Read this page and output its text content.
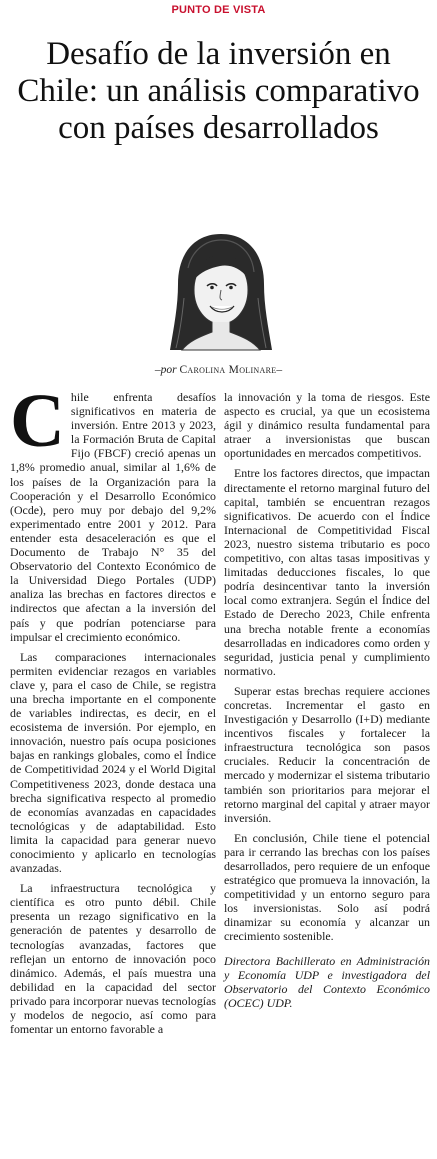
PUNTO DE VISTA
Desafío de la inversión en Chile: un análisis comparativo con países desarrollados
–por Carolina Molinare–

Chile enfrenta desafíos significativos en materia de inversión. Entre 2013 y 2023, la Formación Bruta de Capital Fijo (FBCF) creció apenas un 1,8% promedio anual, similar al 1,6% de los países de la Organización para la Cooperación y el Desarrollo Económico (Ocde), pero muy por debajo del 9,2% experimentado entre 2001 y 2012. Para entender esta desaceleración es que el Documento de Trabajo N° 35 del Observatorio del Contexto Económico de la Universidad Diego Portales (UDP) analiza las brechas en factores directos e indirectos que afectan a la inversión del país y que podrían potenciarse para impulsar el crecimiento económico.

Las comparaciones internacionales permiten evidenciar rezagos en variables clave y, para el caso de Chile, se registra una brecha importante en el componente de variables indirectas, es decir, en el ecosistema de inversión. Por ejemplo, en innovación, nuestro país ocupa posiciones bajas en rankings globales, como el Índice de Competitividad 2024 y el World Digital Competitiveness 2023, donde destaca una brecha significativa respecto al promedio de economías avanzadas en capacidades tecnológicas y de adaptabilidad. Esto limita la capacidad para generar nuevo conocimiento y aplicarlo en tecnologías avanzadas.

La infraestructura tecnológica y científica es otro punto débil. Chile presenta un rezago significativo en la generación de patentes y desarrollo de tecnologías avanzadas, factores que reflejan un entorno de innovación poco dinámico. Además, el país muestra una debilidad en la capacidad del sector privado para incorporar nuevas tecnologías y modelos de negocio, así como para fomentar un entorno favorable a

la innovación y la toma de riesgos. Este aspecto es crucial, ya que un ecosistema ágil y dinámico resulta fundamental para atraer a inversionistas que buscan oportunidades en mercados competitivos.

Entre los factores directos, que impactan directamente el retorno marginal futuro del capital, también se encuentran rezagos significativos. De acuerdo con el Índice Internacional de Competitividad Fiscal 2023, nuestro sistema tributario es poco competitivo, con altas tasas impositivas y limitadas deducciones fiscales, lo que podría desincentivar tanto la inversión local como extranjera. Según el Índice del Estado de Derecho 2023, Chile enfrenta una brecha notable frente a economías desarrolladas en indicadores como orden y seguridad, justicia penal y cumplimiento normativo.

Superar estas brechas requiere acciones concretas. Incrementar el gasto en Investigación y Desarrollo (I+D) mediante incentivos fiscales y fortalecer la infraestructura tecnológica son pasos cruciales. Reducir la concentración de mercado y modernizar el sistema tributario también son prioritarios para mejorar el retorno marginal del capital y atraer mayor inversión.

En conclusión, Chile tiene el potencial para ir cerrando las brechas con los países desarrollados, pero requiere de un enfoque estratégico que promueva la innovación, la competitividad y un entorno seguro para los inversionistas. Solo así podrá dinamizar su economía y alcanzar un crecimiento sostenible.

Directora Bachillerato en Administración y Economía UDP e investigadora del Observatorio del Contexto Económico (OCEC) UDP.
